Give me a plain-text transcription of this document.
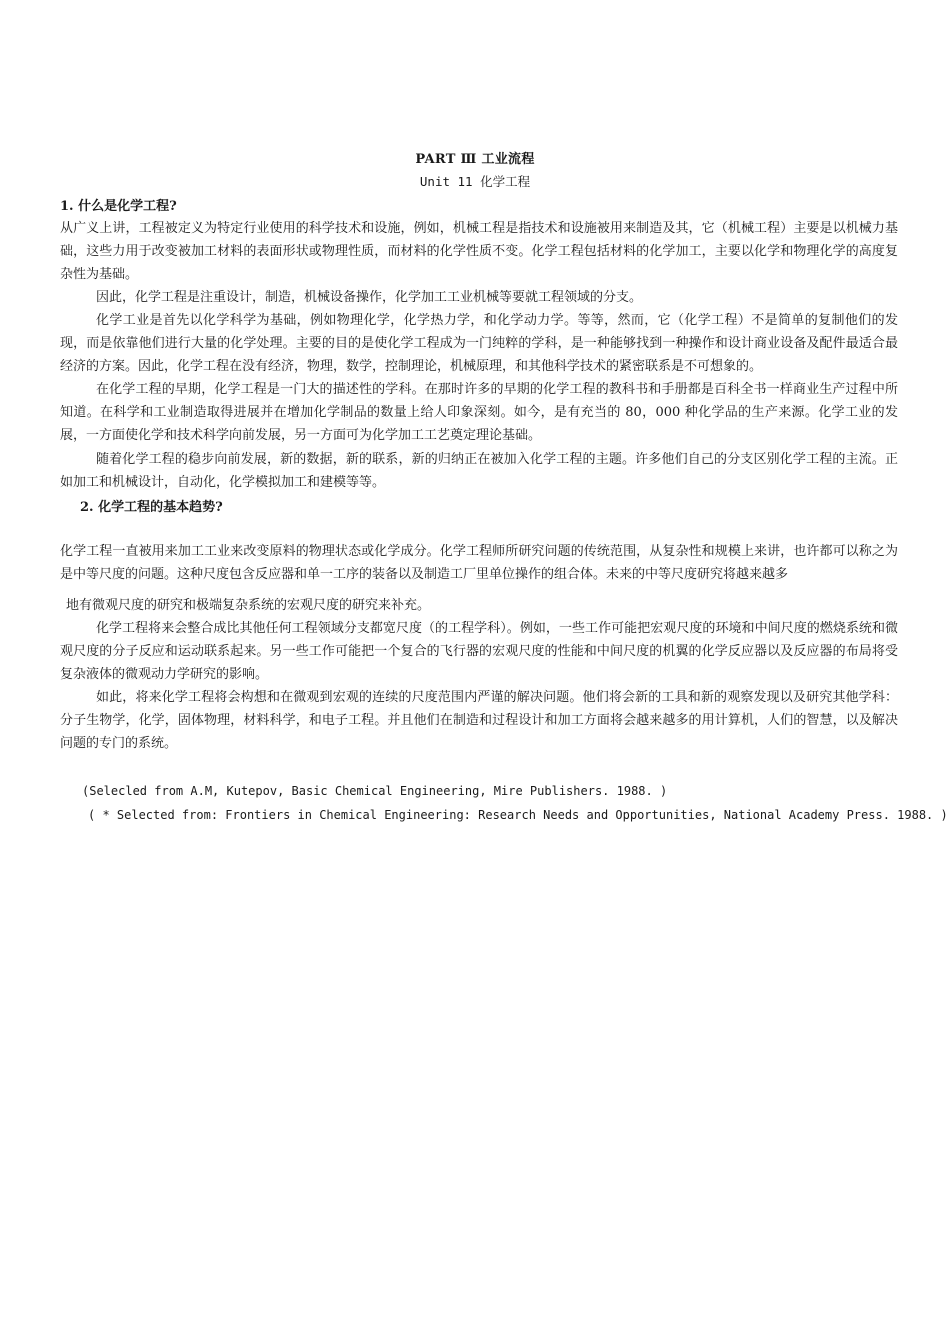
PART Ⅲ 工业流程
Unit 11 化学工程
1. 什么是化学工程?

从广义上讲，工程被定义为特定行业使用的科学技术和设施，例如，机械工程是指技术和设施被用来制造及其，它（机械工程）主要是以机械力基础，这些力用于改变被加工材料的表面形状或物理性质，而材料的化学性质不变。化学工程包括材料的化学加工，主要以化学和物理化学的高度复杂性为基础。

因此，化学工程是注重设计，制造，机械设备操作，化学加工工业机械等要就工程领域的分支。

化学工业是首先以化学科学为基础，例如物理化学，化学热力学，和化学动力学。等等，然而，它（化学工程）不是简单的复制他们的发现，而是依靠他们进行大量的化学处理。主要的目的是使化学工程成为一门纯粹的学科，是一种能够找到一种操作和设计商业设备及配件最适合最经济的方案。因此，化学工程在没有经济，物理，数学，控制理论，机械原理，和其他科学技术的紧密联系是不可想象的。

在化学工程的早期，化学工程是一门大的描述性的学科。在那时许多的早期的化学工程的教科书和手册都是百科全书一样商业生产过程中所知道。在科学和工业制造取得进展并在增加化学制品的数量上给人印象深刻。如今，是有充当的 80，000 种化学品的生产来源。化学工业的发展，一方面使化学和技术科学向前发展，另一方面可为化学加工工艺奠定理论基础。

随着化学工程的稳步向前发展，新的数据，新的联系，新的归纳正在被加入化学工程的主题。许多他们自己的分支区别化学工程的主流。正如加工和机械设计，自动化，化学模拟加工和建模等等。

2. 化学工程的基本趋势?

化学工程一直被用来加工工业来改变原料的物理状态或化学成分。化学工程师所研究问题的传统范围，从复杂性和规模上来讲，也许都可以称之为是中等尺度的问题。这种尺度包含反应器和单一工序的装备以及制造工厂里单位操作的组合体。未来的中等尺度研究将越来越多

地有微观尺度的研究和极端复杂系统的宏观尺度的研究来补充。

化学工程将来会整合成比其他任何工程领域分支都宽尺度（的工程学科）。例如，一些工作可能把宏观尺度的环境和中间尺度的燃烧系统和微观尺度的分子反应和运动联系起来。另一些工作可能把一个复合的飞行器的宏观尺度的性能和中间尺度的机翼的化学反应器以及反应器的布局将受复杂液体的微观动力学研究的影响。

如此，将来化学工程将会构想和在微观到宏观的连续的尺度范围内严谨的解决问题。他们将会新的工具和新的观察发现以及研究其他学科：分子生物学，化学，固体物理，材料科学，和电子工程。并且他们在制造和过程设计和加工方面将会越来越多的用计算机，人们的智慧，以及解决问题的专门的系统。

(Selecled from A.M, Kutepov, Basic Chemical Engineering, Mire Publishers. 1988. )
( * Selected from: Frontiers in Chemical Engineering: Research Needs and Opportunities, National Academy Press. 1988. )
